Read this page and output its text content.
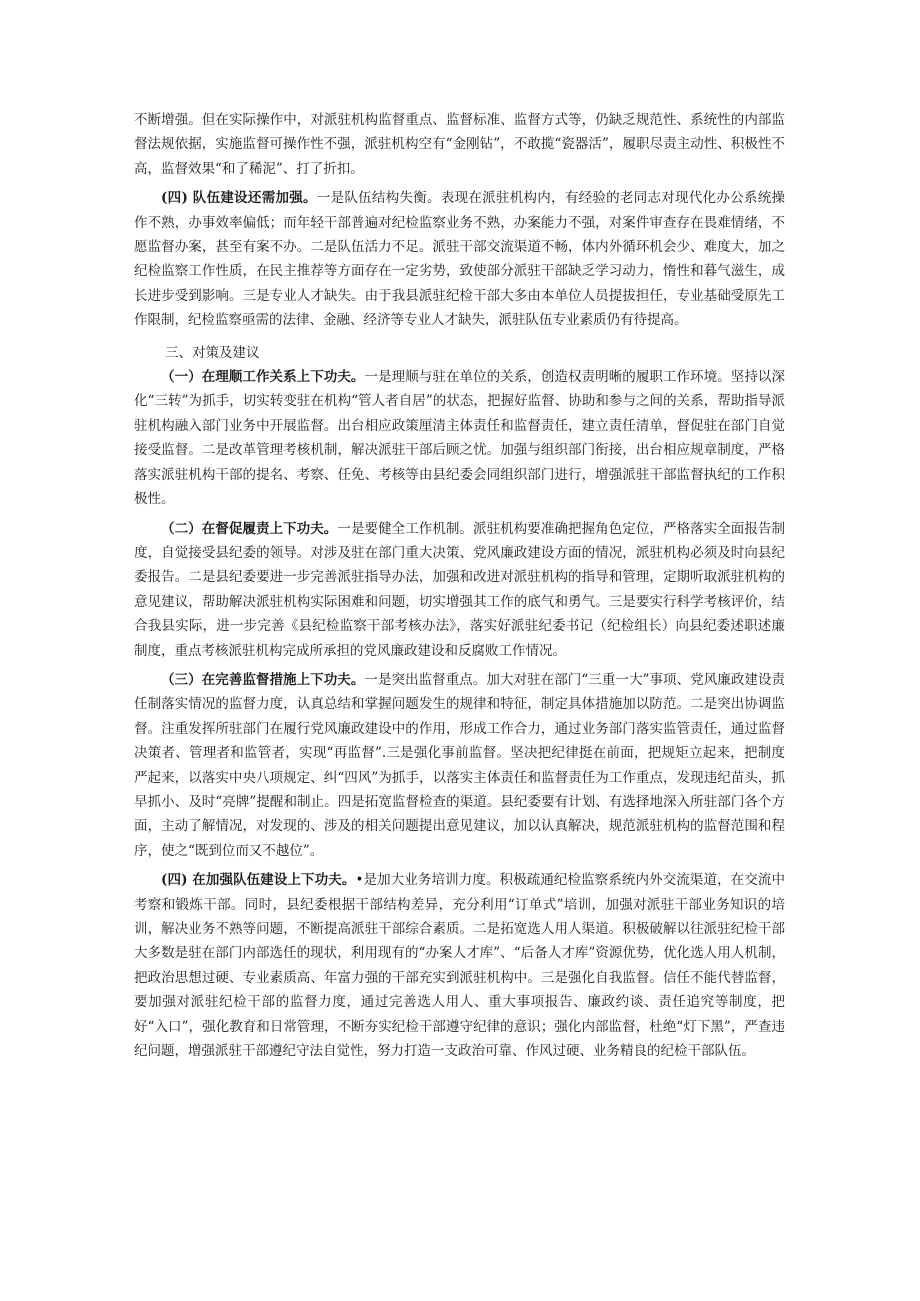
不断增强。但在实际操作中，对派驻机构监督重点、监督标准、监督方式等，仍缺乏规范性、系统性的内部监督法规依据，实施监督可操作性不强，派驻机构空有“金刚钻”，不敢揽“瓷器活”，履职尽责主动性、积极性不高，监督效果“和了稀泥”、打了折扣。

(四) 队伍建设还需加强。一是队伍结构失衡。表现在派驻机构内，有经验的老同志对现代化办公系统操作不熟，办事效率偏低；而年轻干部普遍对纪检监察业务不熟，办案能力不强，对案件审查存在畏难情绪，不愿监督办案，甚至有案不办。二是队伍活力不足。派驻干部交流渠道不畅，体内外循环机会少、难度大，加之纪检监察工作性质，在民主推荐等方面存在一定劣势，致使部分派驻干部缺乏学习动力，惰性和暮气滋生，成长进步受到影响。三是专业人才缺失。由于我县派驻纪检干部大多由本单位人员提拔担任，专业基础受原先工作限制，纪检监察亟需的法律、金融、经济等专业人才缺失，派驻队伍专业素质仍有待提高。

三、对策及建议

（一）在理顺工作关系上下功夫。一是理顺与驻在单位的关系，创造权责明晰的履职工作环境。坚持以深化“三转”为抓手，切实转变驻在机构“管人者自居”的状态，把握好监督、协助和参与之间的关系，帮助指导派驻机构融入部门业务中开展监督。出台相应政策厘清主体责任和监督责任，建立责任清单，督促驻在部门自觉接受监督。二是改革管理考核机制，解决派驻干部后顾之忧。加强与组织部门衔接，出台相应规章制度，严格落实派驻机构干部的提名、考察、任免、考核等由县纪委会同组织部门进行，增强派驻干部监督执纪的工作积极性。

（二）在督促履责上下功夫。一是要健全工作机制。派驻机构要准确把握角色定位，严格落实全面报告制度，自觉接受县纪委的领导。对涉及驻在部门重大决策、党风廉政建设方面的情况，派驻机构必须及时向县纪委报告。二是县纪委要进一步完善派驻指导办法，加强和改进对派驻机构的指导和管理，定期听取派驻机构的意见建议，帮助解决派驻机构实际困难和问题，切实增强其工作的底气和勇气。三是要实行科学考核评价，结合我县实际，进一步完善《县纪检监察干部考核办法》，落实好派驻纪委书记（纪检组长）向县纪委述职述廉制度，重点考核派驻机构完成所承担的党风廉政建设和反腐败工作情况。

（三）在完善监督措施上下功夫。一是突出监督重点。加大对驻在部门“三重一大”事项、党风廉政建设责任制落实情况的监督力度，认真总结和掌握问题发生的规律和特征，制定具体措施加以防范。二是突出协调监督。注重发挥所驻部门在履行党风廉政建设中的作用，形成工作合力，通过业务部门落实监管责任，通过监督决策者、管理者和监管者，实现“再监督”.三是强化事前监督。坚决把纪律挺在前面，把规矩立起来，把制度严起来，以落实中央八项规定、纠“四风”为抓手，以落实主体责任和监督责任为工作重点，发现违纪苗头，抓早抓小、及时“亮牌”提醒和制止。四是拓宽监督检查的渠道。县纪委要有计划、有选择地深入所驻部门各个方面，主动了解情况，对发现的、涉及的相关问题提出意见建议，加以认真解决，规范派驻机构的监督范围和程序，使之“既到位而又不越位”。

(四) 在加强队伍建设上下功夫。•是加大业务培训力度。积极疏通纪检监察系统内外交流渠道，在交流中考察和锻炼干部。同时，县纪委根据干部结构差异，充分利用“订单式”培训，加强对派驻干部业务知识的培训，解决业务不熟等问题，不断提高派驻干部综合素质。二是拓宽选人用人渠道。积极破解以往派驻纪检干部大多数是驻在部门内部选任的现状，利用现有的“办案人才库”、“后备人才库”资源优势，优化选人用人机制，把政治思想过硬、专业素质高、年富力强的干部充实到派驻机构中。三是强化自我监督。信任不能代替监督，要加强对派驻纪检干部的监督力度，通过完善选人用人、重大事项报告、廉政约谈、责任追究等制度，把好“入口”，强化教育和日常管理，不断夯实纪检干部遵守纪律的意识；强化内部监督，杜绝“灯下黑”，严查违纪问题，增强派驻干部遵纪守法自觉性，努力打造一支政治可靠、作风过硬、业务精良的纪检干部队伍。
